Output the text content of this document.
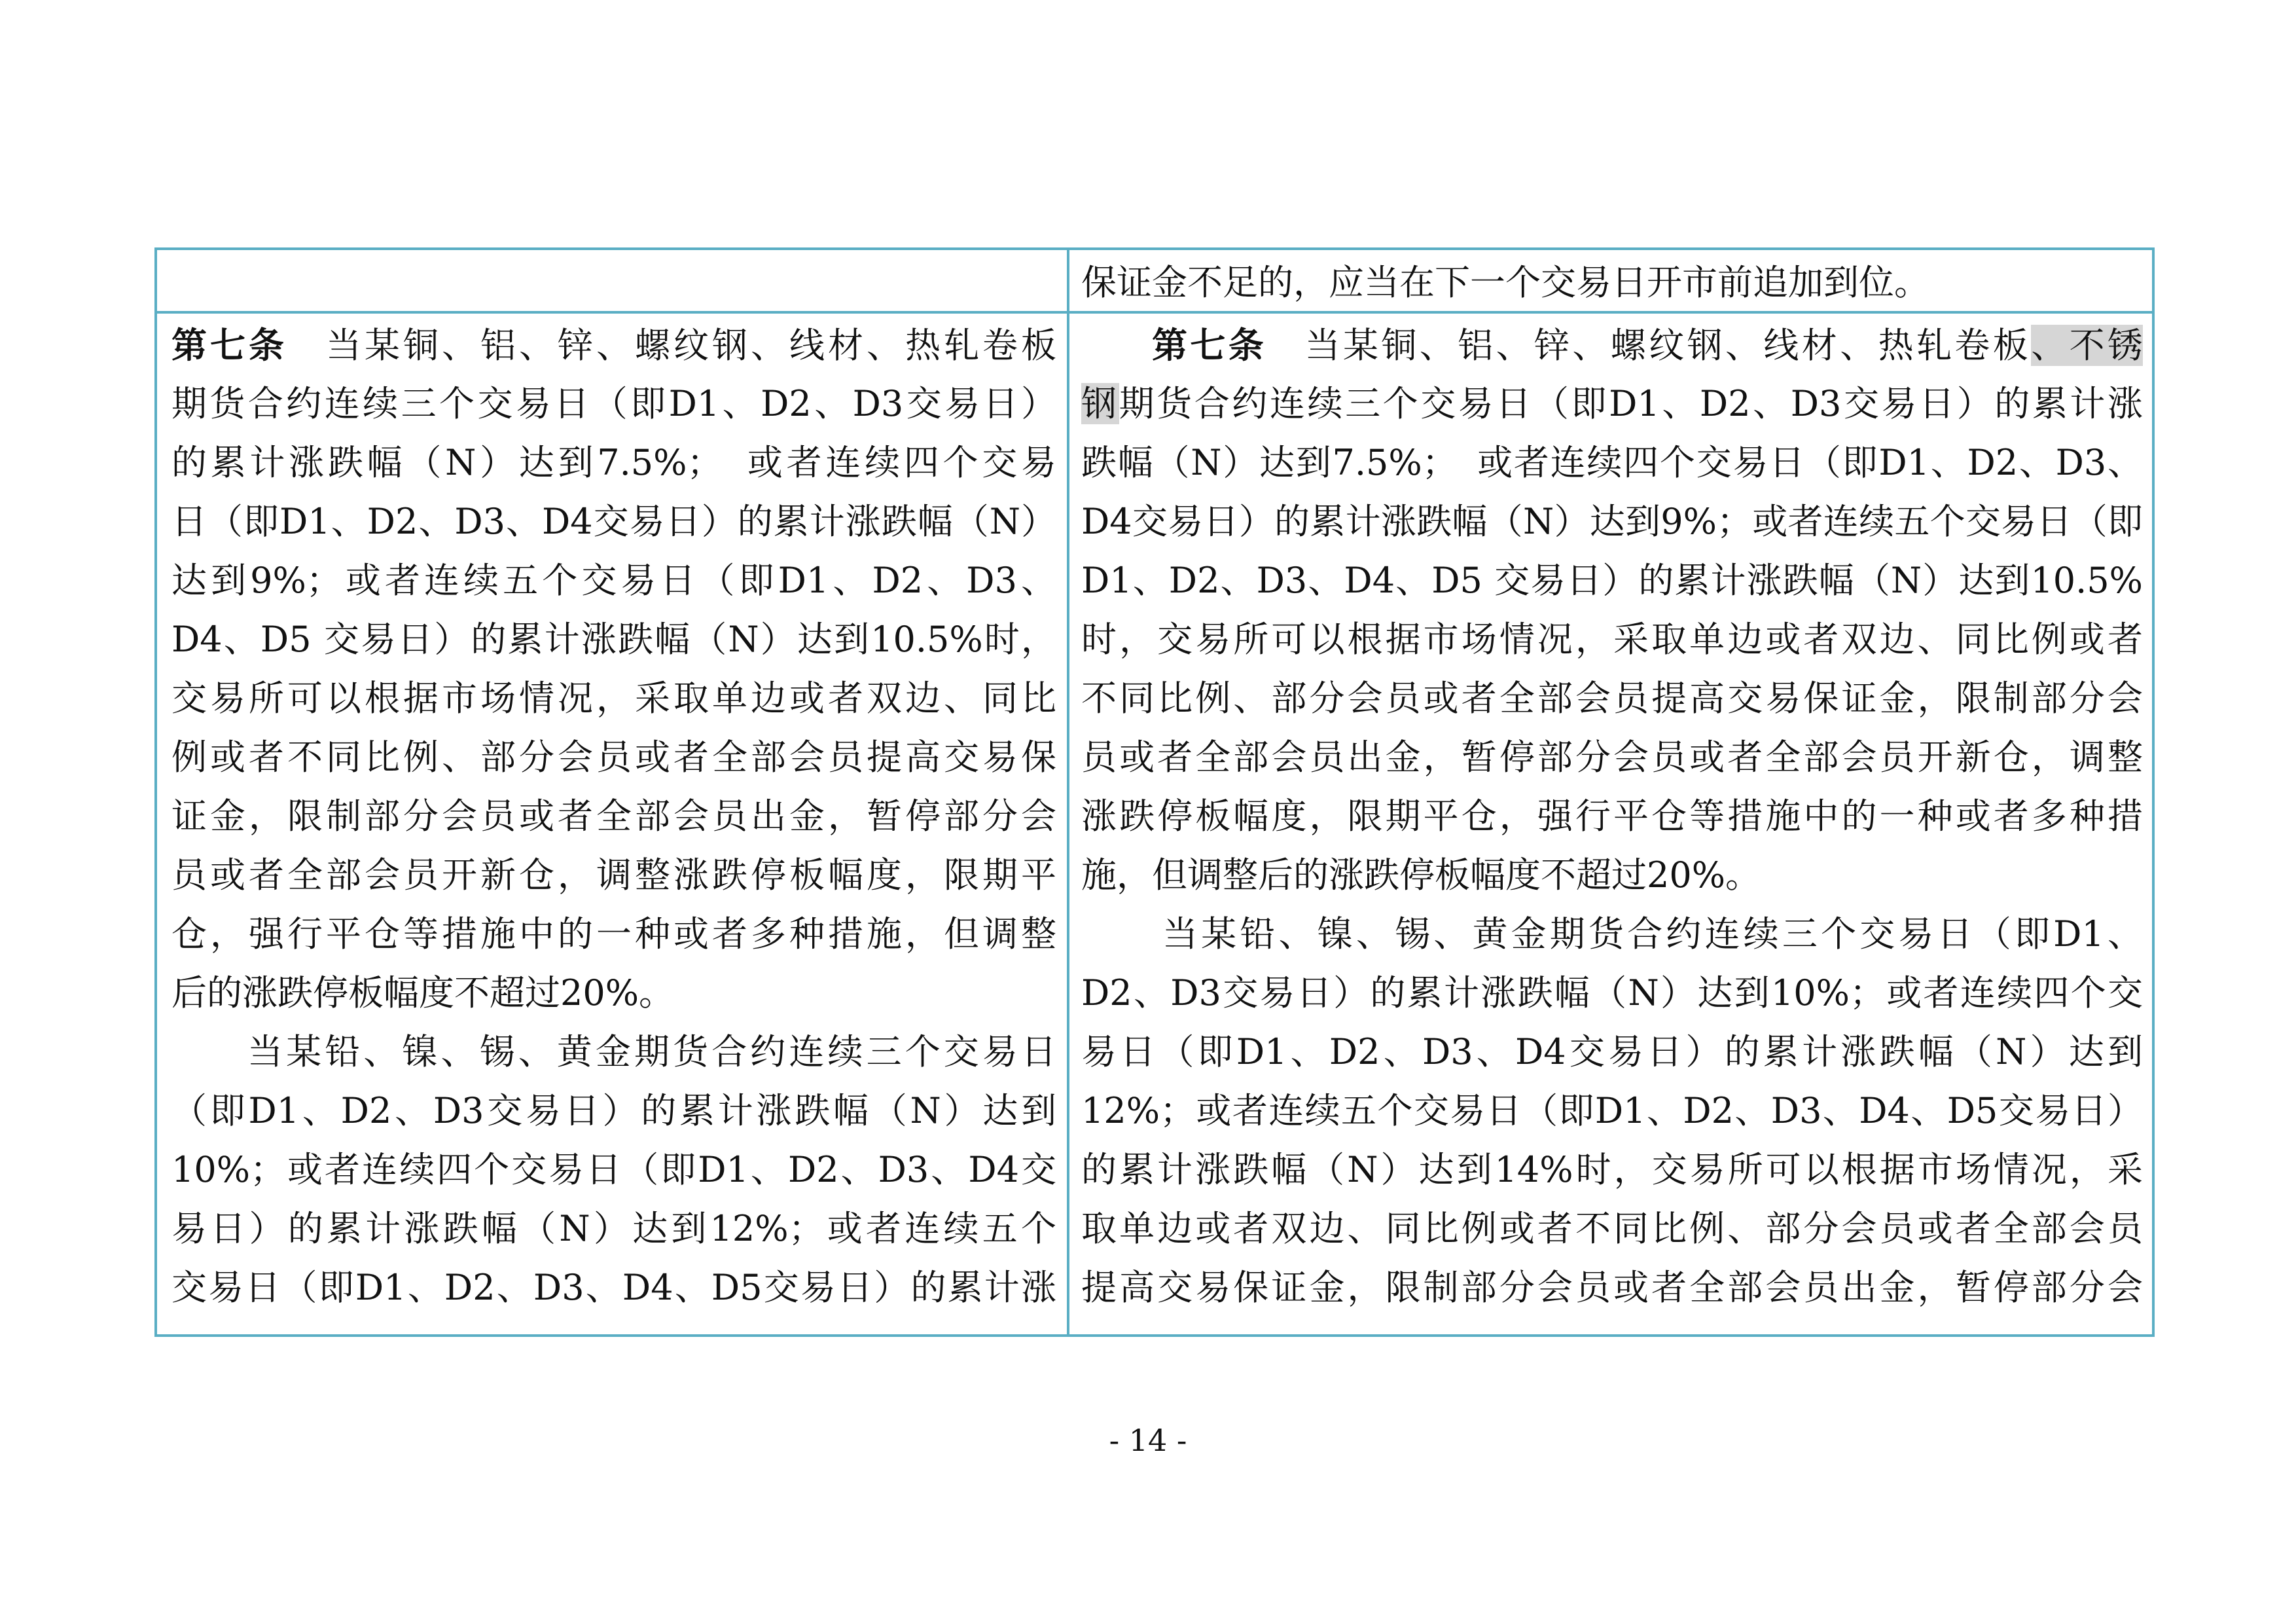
保证金不足的，应当在下一个交易日开市前追加到位。
第七条　 当某铜、铝、锌、螺纹钢、线材、热轧卷板
期货合约连续三个交易日（即D1、D2、D3交易日）
的累计涨跌幅（N）达到7.5%；　或者连续四个交易
日（即D1、D2、D3、D4交易日）的累计涨跌幅（N）
达到9%；或者连续五个交易日（即D1、D2、D3、
D4、D5 交易日）的累计涨跌幅（N）达到10.5%时，
交易所可以根据市场情况，采取单边或者双边、同比
例或者不同比例、部分会员或者全部会员提高交易保
证金，限制部分会员或者全部会员出金，暂停部分会
员或者全部会员开新仓，调整涨跌停板幅度，限期平
仓，强行平仓等措施中的一种或者多种措施，但调整
后的涨跌停板幅度不超过20%。
当某铅、镍、锡、黄金期货合约连续三个交易日
（即D1、D2、D3交易日）的累计涨跌幅（N）达到
10%；或者连续四个交易日（即D1、D2、D3、D4交
易日）的累计涨跌幅（N）达到12%；或者连续五个
交易日（即D1、D2、D3、D4、D5交易日）的累计涨
第七条　 当某铜、铝、锌、螺纹钢、线材、热轧卷板、不锈
钢期货合约连续三个交易日（即D1、D2、D3交易日）的累计涨
跌幅（N）达到7.5%；　或者连续四个交易日（即D1、D2、D3、
D4交易日）的累计涨跌幅（N）达到9%；或者连续五个交易日（即
D1、D2、D3、D4、D5 交易日）的累计涨跌幅（N）达到10.5%
时，交易所可以根据市场情况，采取单边或者双边、同比例或者
不同比例、部分会员或者全部会员提高交易保证金，限制部分会
员或者全部会员出金，暂停部分会员或者全部会员开新仓，调整
涨跌停板幅度，限期平仓，强行平仓等措施中的一种或者多种措
施，但调整后的涨跌停板幅度不超过20%。
当某铅、镍、锡、黄金期货合约连续三个交易日（即D1、
D2、D3交易日）的累计涨跌幅（N）达到10%；或者连续四个交
易日（即D1、D2、D3、D4交易日）的累计涨跌幅（N）达到
12%；或者连续五个交易日（即D1、D2、D3、D4、D5交易日）
的累计涨跌幅（N）达到14%时，交易所可以根据市场情况，采
取单边或者双边、同比例或者不同比例、部分会员或者全部会员
提高交易保证金，限制部分会员或者全部会员出金，暂停部分会
- 14 -
